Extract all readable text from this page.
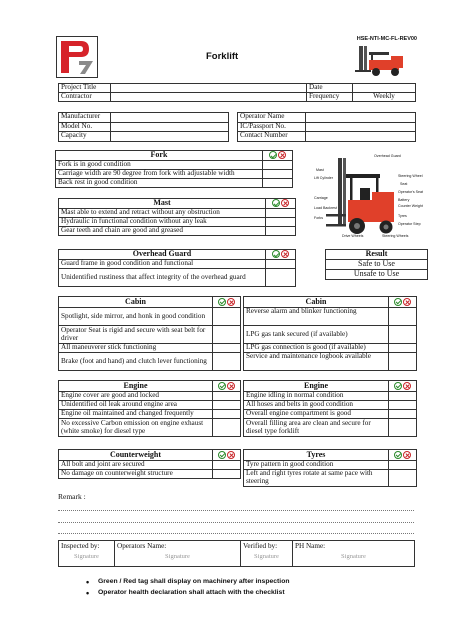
HSE-NTI-MC-FL-REV00
Forklift
Project Title		Date	
Contractor		Frequency	Weekly
Manufacturer	
Model No.	
Capacity	
Operator Name	
IC/Passport No.	
Contact Number	
Fork	
Fork is in good condition	
Carriage width are 90 degree from fork with adjustable width	
Back rest in good condition	
Mast	
Mast able to extend and retract without any obstruction	
Hydraulic in functional condition without any leak	
Gear teeth and chain are good and greased	
Overhead Guard
Mast
Lift Cylinder
Carriage
Forks
Steering Wheel
Seat
Operator's Seat
Counter Weight
Load Backrest
Tyres
Drive Wheels	Steering Wheels
Operator Step
Battery
Overhead Guard	
Guard frame in good condition and functional	
Unidentified rustiness that affect integrity of the overhead guard	
Result
Safe to Use
Unsafe to Use
Cabin	
Spotlight, side mirror, and honk in good condition	
Operator Seat is rigid and secure with seat belt for driver	
All maneuverer stick functioning	
Brake (foot and hand) and clutch lever functioning	
Cabin	
Reverse alarm and blinker functioning	
LPG gas tank secured (if available)	
LPG gas connection is good (if available)	
Service and maintenance logbook available	
Engine	
Engine cover are good and locked	
Unidentified oil leak around engine area	
Engine oil maintained and changed frequently	
No excessive Carbon emission on engine exhaust (white smoke) for diesel type	
Engine	
Engine idling in normal condition	
All hoses and belts in good condition	
Overall engine compartment is good	
Overall filling area are clean and secure for diesel type forklift	
Counterweight	
All bolt and joint are secured	
No damage on counterweight structure	
Tyres	
Tyre pattern in good condition	
Left and right tyres rotate at same pace with steering	
Remark :
Inspected by:
Signature
	Operators Name:
Signature
	Verified by:
Signature
	PH Name:
Signature
• Green / Red tag shall display on machinery after inspection
• Operator health declaration shall attach with the checklist
